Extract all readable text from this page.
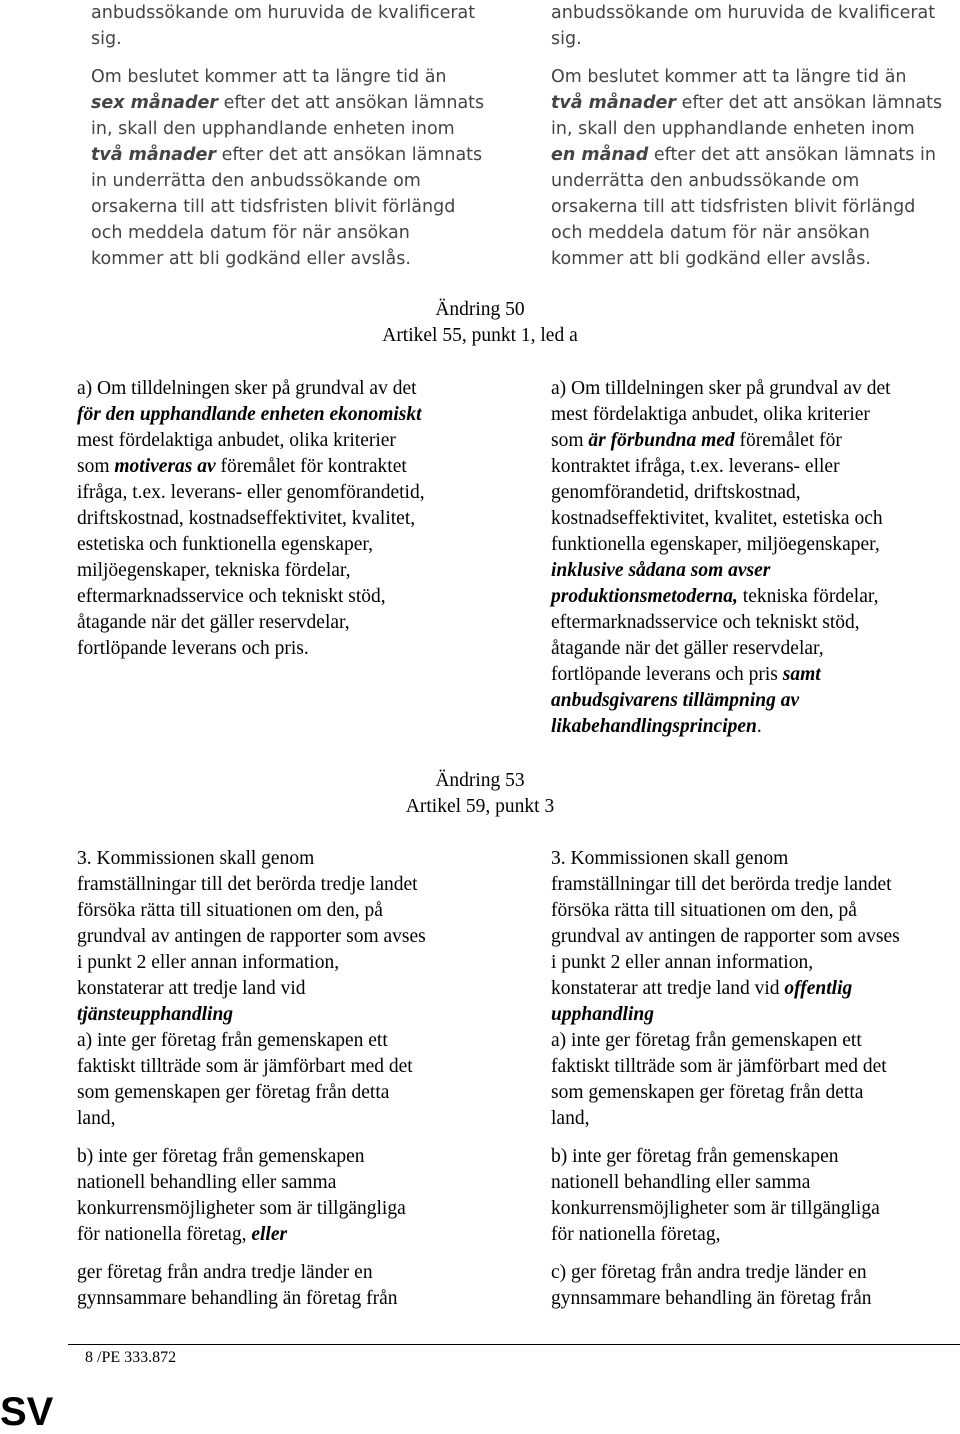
anbudssökande om huruvida de kvalificerat
sig.

Om beslutet kommer att ta längre tid än
sex månader efter det att ansökan lämnats
in, skall den upphandlande enheten inom
två månader efter det att ansökan lämnats
in underrätta den anbudssökande om
orsakerna till att tidsfristen blivit förlängd
och meddela datum för när ansökan
kommer att bli godkänd eller avslås.

anbudssökande om huruvida de kvalificerat
sig.

Om beslutet kommer att ta längre tid än
två månader efter det att ansökan lämnats
in, skall den upphandlande enheten inom
en månad efter det att ansökan lämnats in
underrätta den anbudssökande om
orsakerna till att tidsfristen blivit förlängd
och meddela datum för när ansökan
kommer att bli godkänd eller avslås.

Ändring 50
Artikel 55, punkt 1, led a

a) Om tilldelningen sker på grundval av det
för den upphandlande enheten ekonomiskt
mest fördelaktiga anbudet, olika kriterier
som motiveras av föremålet för kontraktet
ifråga, t.ex. leverans- eller genomförandetid,
driftskostnad, kostnadseffektivitet, kvalitet,
estetiska och funktionella egenskaper,
miljöegenskaper, tekniska fördelar,
eftermarknadsservice och tekniskt stöd,
åtagande när det gäller reservdelar,
fortlöpande leverans och pris.

a) Om tilldelningen sker på grundval av det
mest fördelaktiga anbudet, olika kriterier
som är förbundna med föremålet för
kontraktet ifråga, t.ex. leverans- eller
genomförandetid, driftskostnad,
kostnadseffektivitet, kvalitet, estetiska och
funktionella egenskaper, miljöegenskaper,
inklusive sådana som avser
produktionsmetoderna, tekniska fördelar,
eftermarknadsservice och tekniskt stöd,
åtagande när det gäller reservdelar,
fortlöpande leverans och pris samt
anbudsgivarens tillämpning av
likabehandlingsprincipen.

Ändring 53
Artikel 59, punkt 3

3. Kommissionen skall genom
framställningar till det berörda tredje landet
försöka rätta till situationen om den, på
grundval av antingen de rapporter som avses
i punkt 2 eller annan information,
konstaterar att tredje land vid
tjänsteupphandling
a) inte ger företag från gemenskapen ett
faktiskt tillträde som är jämförbart med det
som gemenskapen ger företag från detta
land,

b) inte ger företag från gemenskapen
nationell behandling eller samma
konkurrensmöjligheter som är tillgängliga
för nationella företag, eller

ger företag från andra tredje länder en
gynnsammare behandling än företag från

3. Kommissionen skall genom
framställningar till det berörda tredje landet
försöka rätta till situationen om den, på
grundval av antingen de rapporter som avses
i punkt 2 eller annan information,
konstaterar att tredje land vid offentlig
upphandling
a) inte ger företag från gemenskapen ett
faktiskt tillträde som är jämförbart med det
som gemenskapen ger företag från detta
land,

b) inte ger företag från gemenskapen
nationell behandling eller samma
konkurrensmöjligheter som är tillgängliga
för nationella företag,

c) ger företag från andra tredje länder en
gynnsammare behandling än företag från

8 /PE 333.872
SV
